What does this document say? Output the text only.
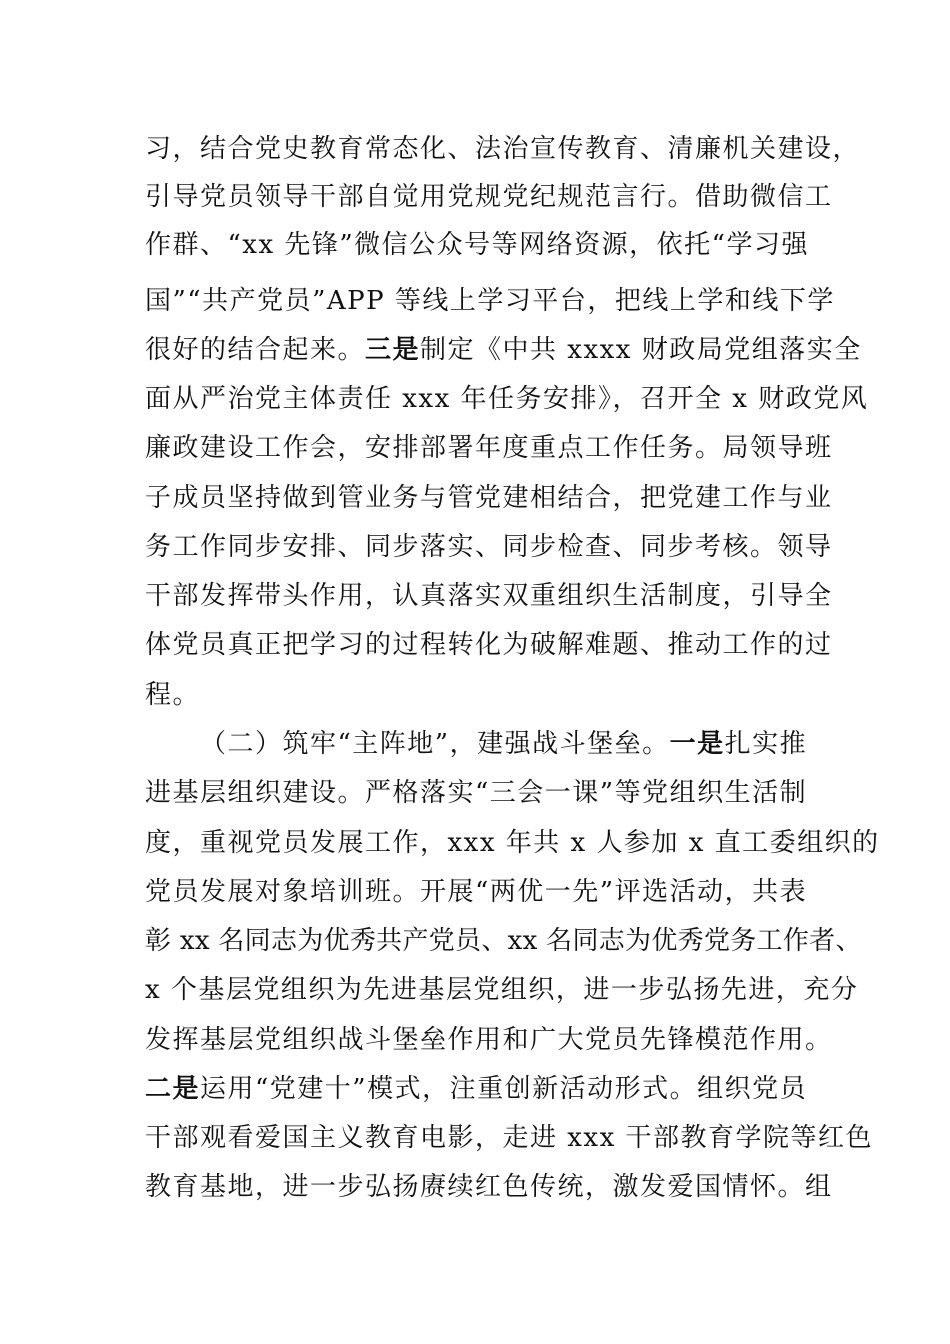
习，结合党史教育常态化、法治宣传教育、清廉机关建设，

引导党员领导干部自觉用党规党纪规范言行。借助微信工

作群、“xx 先锋”微信公众号等网络资源，依托“学习强

国”“共产党员”APP 等线上学习平台，把线上学和线下学

很好的结合起来。三是制定《中共 xxxx 财政局党组落实全

面从严治党主体责任 xxx 年任务安排》，召开全 x 财政党风

廉政建设工作会，安排部署年度重点工作任务。局领导班

子成员坚持做到管业务与管党建相结合，把党建工作与业

务工作同步安排、同步落实、同步检查、同步考核。领导

干部发挥带头作用，认真落实双重组织生活制度，引导全

体党员真正把学习的过程转化为破解难题、推动工作的过

程。

（二）筑牢“主阵地”，建强战斗堡垒。一是扎实推

进基层组织建设。严格落实“三会一课”等党组织生活制

度，重视党员发展工作，xxx 年共 x 人参加 x 直工委组织的

党员发展对象培训班。开展“两优一先”评选活动，共表

彰 xx 名同志为优秀共产党员、xx 名同志为优秀党务工作者、

x 个基层党组织为先进基层党组织，进一步弘扬先进，充分

发挥基层党组织战斗堡垒作用和广大党员先锋模范作用。

二是运用“党建十”模式，注重创新活动形式。组织党员

干部观看爱国主义教育电影，走进 xxx 干部教育学院等红色

教育基地，进一步弘扬赓续红色传统，激发爱国情怀。组
